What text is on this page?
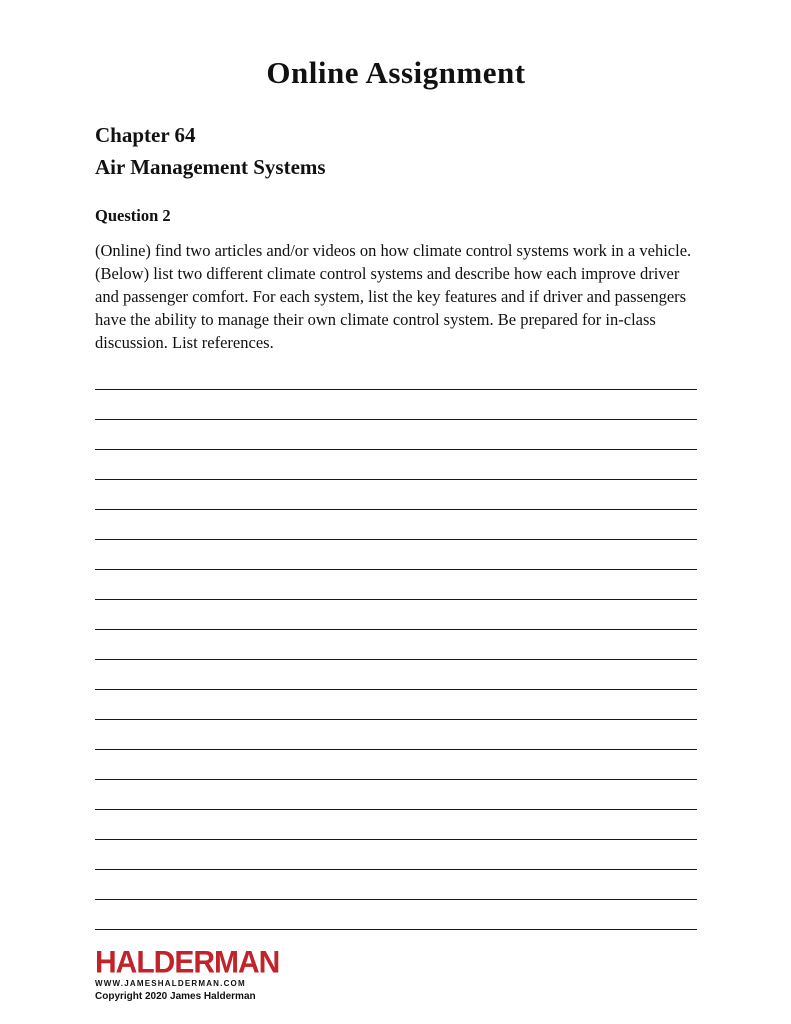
Online Assignment
Chapter 64
Air Management Systems
Question 2
(Online) find two articles and/or videos on how climate control systems work in a vehicle. (Below) list two different climate control systems and describe how each improve driver and passenger comfort. For each system, list the key features and if driver and passengers have the ability to manage their own climate control system. Be prepared for in-class discussion. List references.
HALDERMAN
WWW.JAMESHALDERMAN.COM
Copyright 2020 James Halderman
